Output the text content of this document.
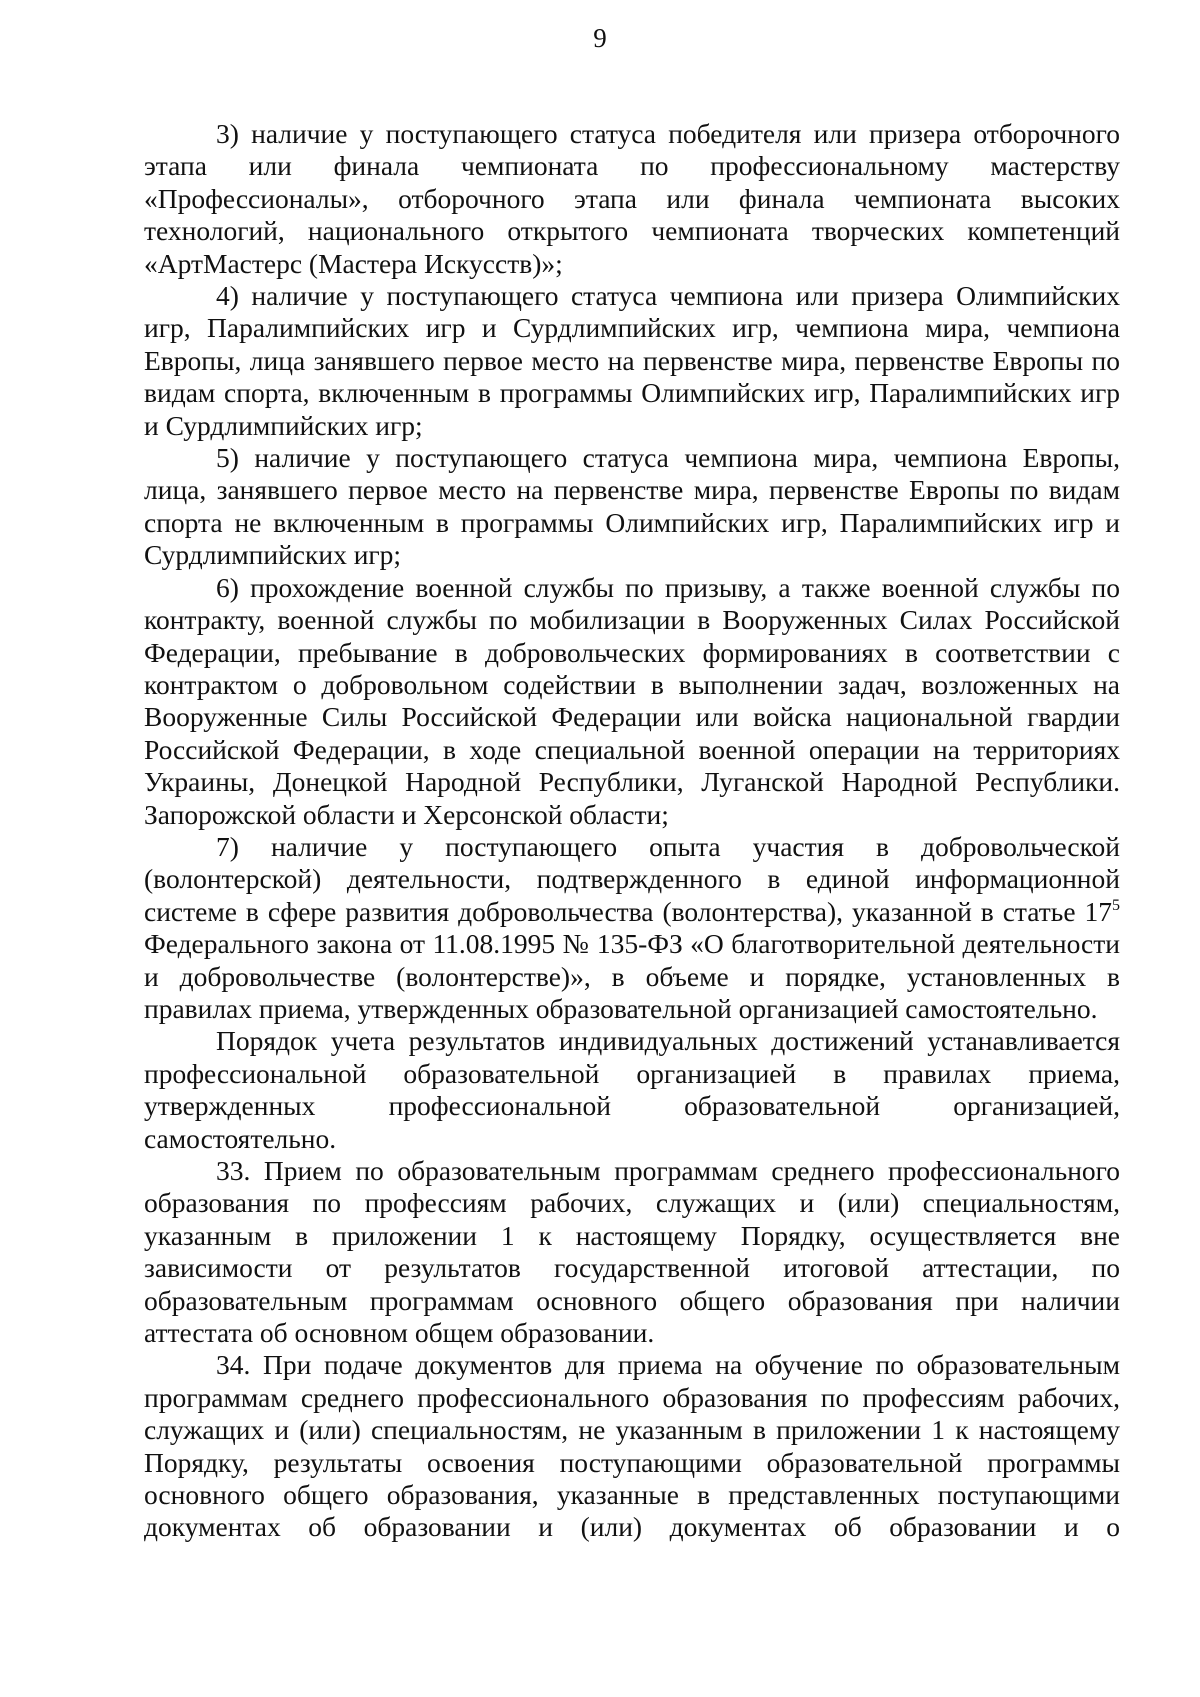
9

3) наличие у поступающего статуса победителя или призера отборочного этапа или финала чемпионата по профессиональному мастерству «Профессионалы», отборочного этапа или финала чемпионата высоких технологий, национального открытого чемпионата творческих компетенций «АртМастерс (Мастера Искусств)»;

4) наличие у поступающего статуса чемпиона или призера Олимпийских игр, Паралимпийских игр и Сурдлимпийских игр, чемпиона мира, чемпиона Европы, лица занявшего первое место на первенстве мира, первенстве Европы по видам спорта, включенным в программы Олимпийских игр, Паралимпийских игр и Сурдлимпийских игр;

5) наличие у поступающего статуса чемпиона мира, чемпиона Европы, лица, занявшего первое место на первенстве мира, первенстве Европы по видам спорта не включенным в программы Олимпийских игр, Паралимпийских игр и Сурдлимпийских игр;

6) прохождение военной службы по призыву, а также военной службы по контракту, военной службы по мобилизации в Вооруженных Силах Российской Федерации, пребывание в добровольческих формированиях в соответствии с контрактом о добровольном содействии в выполнении задач, возложенных на Вооруженные Силы Российской Федерации или войска национальной гвардии Российской Федерации, в ходе специальной военной операции на территориях Украины, Донецкой Народной Республики, Луганской Народной Республики. Запорожской области и Херсонской области;

7) наличие у поступающего опыта участия в добровольческой (волонтерской) деятельности, подтвержденного в единой информационной системе в сфере развития добровольчества (волонтерства), указанной в статье $17^5$ Федерального закона от 11.08.1995 № 135-ФЗ «О благотворительной деятельности и добровольчестве (волонтерстве)», в объеме и порядке, установленных в правилах приема, утвержденных образовательной организацией самостоятельно.

Порядок учета результатов индивидуальных достижений устанавливается профессиональной образовательной организацией в правилах приема, утвержденных профессиональной образовательной организацией, самостоятельно.

33. Прием по образовательным программам среднего профессионального образования по профессиям рабочих, служащих и (или) специальностям, указанным в приложении 1 к настоящему Порядку, осуществляется вне зависимости от результатов государственной итоговой аттестации, по образовательным программам основного общего образования при наличии аттестата об основном общем образовании.

34. При подаче документов для приема на обучение по образовательным программам среднего профессионального образования по профессиям рабочих, служащих и (или) специальностям, не указанным в приложении 1 к настоящему Порядку, результаты освоения поступающими образовательной программы основного общего образования, указанные в представленных поступающими документах об образовании и (или) документах об образовании и о
